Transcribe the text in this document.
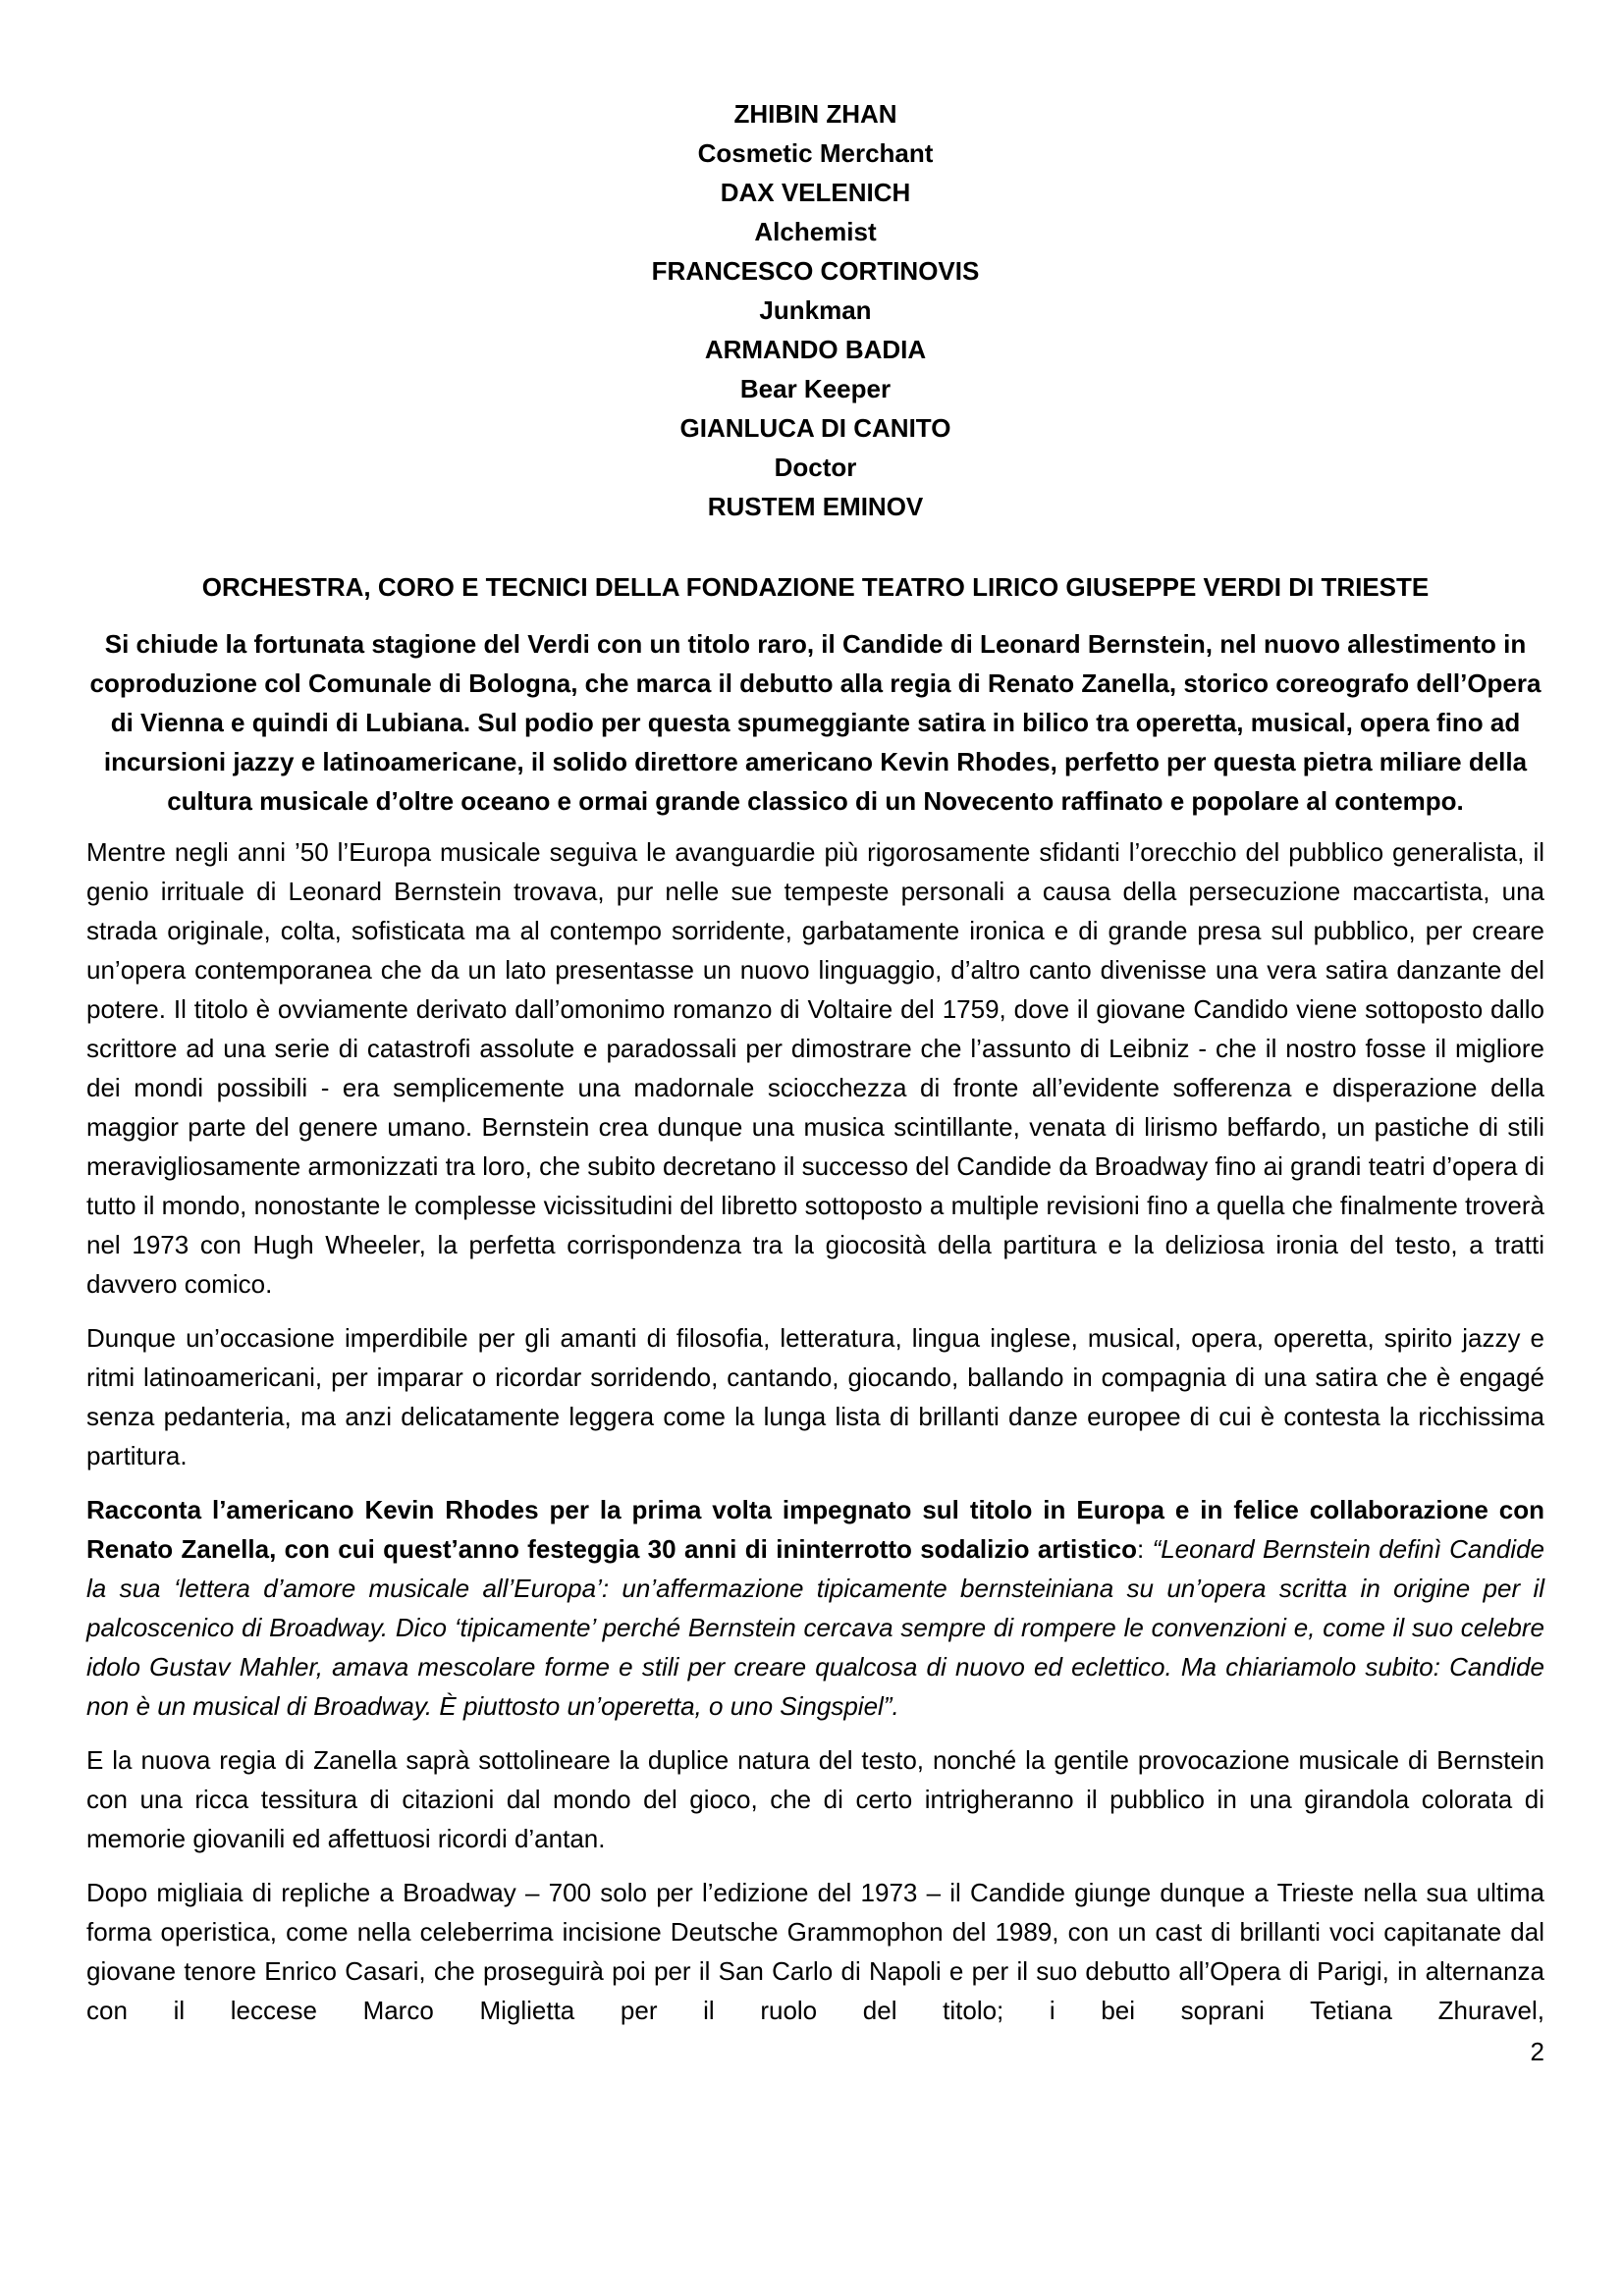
ZHIBIN ZHAN
Cosmetic Merchant
DAX VELENICH
Alchemist
FRANCESCO CORTINOVIS
Junkman
ARMANDO BADIA
Bear Keeper
GIANLUCA DI CANITO
Doctor
RUSTEM EMINOV

ORCHESTRA, CORO E TECNICI DELLA FONDAZIONE TEATRO LIRICO GIUSEPPE VERDI DI TRIESTE

Si chiude la fortunata stagione del Verdi con un titolo raro, il Candide di Leonard Bernstein, nel nuovo allestimento in coproduzione col Comunale di Bologna, che marca il debutto alla regia di Renato Zanella, storico coreografo dell’Opera di Vienna e quindi di Lubiana. Sul podio per questa spumeggiante satira in bilico tra operetta, musical, opera fino ad incursioni jazzy e latinoamericane, il solido direttore americano Kevin Rhodes, perfetto per questa pietra miliare della cultura musicale d’oltre oceano e ormai grande classico di un Novecento raffinato e popolare al contempo.

Mentre negli anni ’50 l’Europa musicale seguiva le avanguardie più rigorosamente sfidanti l’orecchio del pubblico generalista, il genio irrituale di Leonard Bernstein trovava, pur nelle sue tempeste personali a causa della persecuzione maccartista, una strada originale, colta, sofisticata ma al contempo sorridente, garbatamente ironica e di grande presa sul pubblico, per creare un’opera contemporanea che da un lato presentasse un nuovo linguaggio, d’altro canto divenisse una vera satira danzante del potere. Il titolo è ovviamente derivato dall’omonimo romanzo di Voltaire del 1759, dove il giovane Candido viene sottoposto dallo scrittore ad una serie di catastrofi assolute e paradossali per dimostrare che l’assunto di Leibniz - che il nostro fosse il migliore dei mondi possibili - era semplicemente una madornale sciocchezza di fronte all’evidente sofferenza e disperazione della maggior parte del genere umano. Bernstein crea dunque una musica scintillante, venata di lirismo beffardo, un pastiche di stili meravigliosamente armonizzati tra loro, che subito decretano il successo del Candide da Broadway fino ai grandi teatri d’opera di tutto il mondo, nonostante le complesse vicissitudini del libretto sottoposto a multiple revisioni fino a quella che finalmente troverà nel 1973 con Hugh Wheeler, la perfetta corrispondenza tra la giocosità della partitura e la deliziosa ironia del testo, a tratti davvero comico.

Dunque un’occasione imperdibile per gli amanti di filosofia, letteratura, lingua inglese, musical, opera, operetta, spirito jazzy e ritmi latinoamericani, per imparar o ricordar sorridendo, cantando, giocando, ballando in compagnia di una satira che è engagé senza pedanteria, ma anzi delicatamente leggera come la lunga lista di brillanti danze europee di cui è contesta la ricchissima partitura.

Racconta l’americano Kevin Rhodes per la prima volta impegnato sul titolo in Europa e in felice collaborazione con Renato Zanella, con cui quest’anno festeggia 30 anni di ininterrotto sodalizio artistico: “Leonard Bernstein definì Candide la sua ‘lettera d’amore musicale all’Europa’: un’affermazione tipicamente bernsteiniana su un’opera scritta in origine per il palcoscenico di Broadway. Dico ‘tipicamente’ perché Bernstein cercava sempre di rompere le convenzioni e, come il suo celebre idolo Gustav Mahler, amava mescolare forme e stili per creare qualcosa di nuovo ed eclettico. Ma chiariamolo subito: Candide non è un musical di Broadway. È piuttosto un’operetta, o uno Singspiel”.

E la nuova regia di Zanella saprà sottolineare la duplice natura del testo, nonché la gentile provocazione musicale di Bernstein con una ricca tessitura di citazioni dal mondo del gioco, che di certo intrigheranno il pubblico in una girandola colorata di memorie giovanili ed affettuosi ricordi d’antan.

Dopo migliaia di repliche a Broadway – 700 solo per l’edizione del 1973 – il Candide giunge dunque a Trieste nella sua ultima forma operistica, come nella celeberrima incisione Deutsche Grammophon del 1989, con un cast di brillanti voci capitanate dal giovane tenore Enrico Casari, che proseguirà poi per il San Carlo di Napoli e per il suo debutto all’Opera di Parigi, in alternanza con il leccese Marco Miglietta per il ruolo del titolo; i bei soprani Tetiana Zhuravel,

2
